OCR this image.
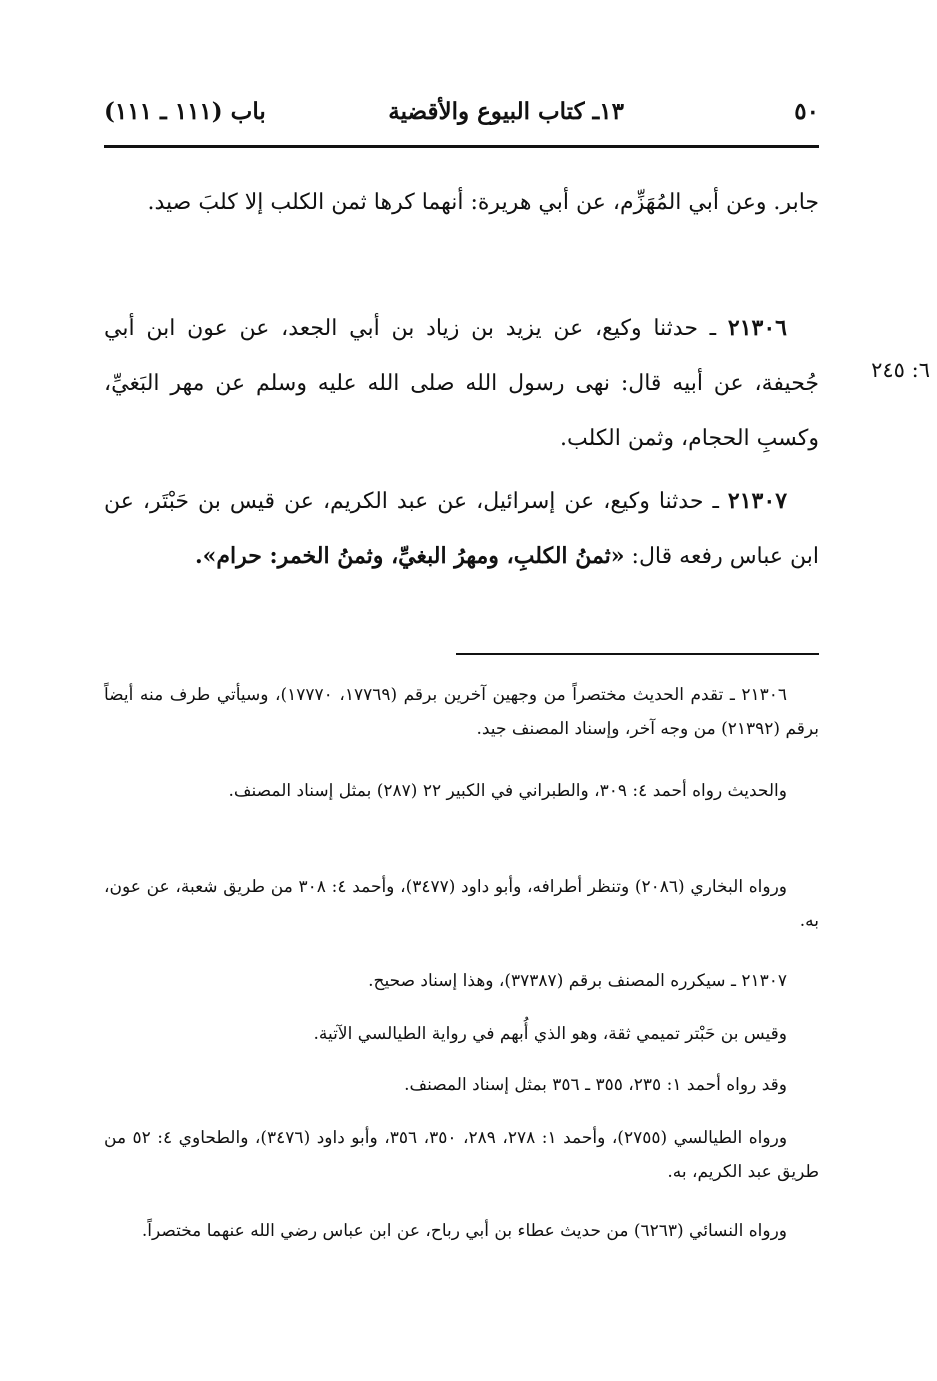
٥٠
١٣ـ كتاب البيوع والأقضية
باب (١١١ ـ ١١١)

جابر. وعن أبي المُهَزِّم، عن أبي هريرة: أنهما كرها ثمن الكلب إلا كلبَ صيد.

٢١٣٠٦ ـ حدثنا وكيع، عن يزيد بن زياد بن أبي الجعد، عن عون ابن أبي جُحيفة، عن أبيه قال: نهى رسول الله صلى الله عليه وسلم عن مهر البَغيِّ، وكسبِ الحجام، وثمن الكلب.

٦: ٢٤٥

٢١٣٠٧ ـ حدثنا وكيع، عن إسرائيل، عن عبد الكريم، عن قيس بن حَبْتَر، عن ابن عباس رفعه قال: «ثمنُ الكلبِ، ومهرُ البغيِّ، وثمنُ الخمر: حرام».

٢١٣٠٦ ـ تقدم الحديث مختصراً من وجهين آخرين برقم (١٧٧٦٩، ١٧٧٧٠)، وسيأتي طرف منه أيضاً برقم (٢١٣٩٢) من وجه آخر، وإسناد المصنف جيد.

والحديث رواه أحمد ٤: ٣٠٩، والطبراني في الكبير ٢٢ (٢٨٧) بمثل إسناد المصنف.

ورواه البخاري (٢٠٨٦) وتنظر أطرافه، وأبو داود (٣٤٧٧)، وأحمد ٤: ٣٠٨ من طريق شعبة، عن عون، به.

٢١٣٠٧ ـ سيكرره المصنف برقم (٣٧٣٨٧)، وهذا إسناد صحيح.

وقيس بن حَبْتر تميمي ثقة، وهو الذي أُبهم في رواية الطيالسي الآتية.

وقد رواه أحمد ١: ٢٣٥، ٣٥٥ ـ ٣٥٦ بمثل إسناد المصنف.

ورواه الطيالسي (٢٧٥٥)، وأحمد ١: ٢٧٨، ٢٨٩، ٣٥٠، ٣٥٦، وأبو داود (٣٤٧٦)، والطحاوي ٤: ٥٢ من طريق عبد الكريم، به.

ورواه النسائي (٦٢٦٣) من حديث عطاء بن أبي رباح، عن ابن عباس رضي الله عنهما مختصراً.
